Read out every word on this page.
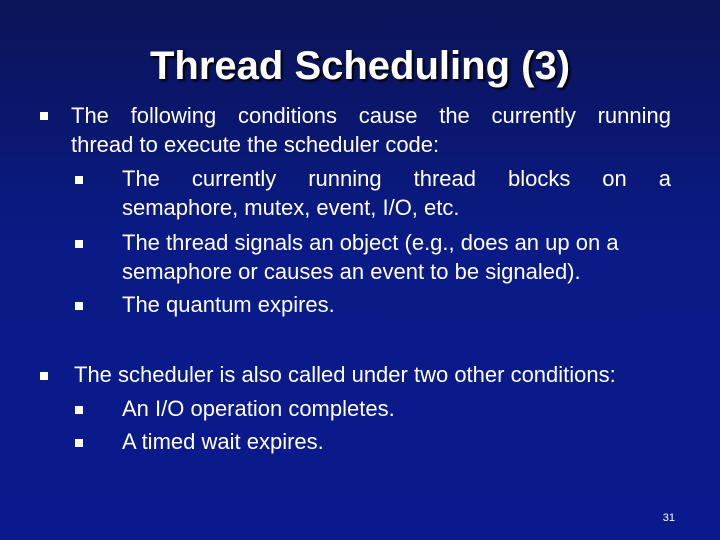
Thread Scheduling (3)
The following conditions cause the currently running
thread to execute the scheduler code:
The currently running thread blocks on a
semaphore, mutex, event, I/O, etc.
The thread signals an object (e.g., does an up on a
semaphore or causes an event to be signaled).
The quantum expires.
The scheduler is also called under two other conditions:
An I/O operation completes.
A timed wait expires.
31
